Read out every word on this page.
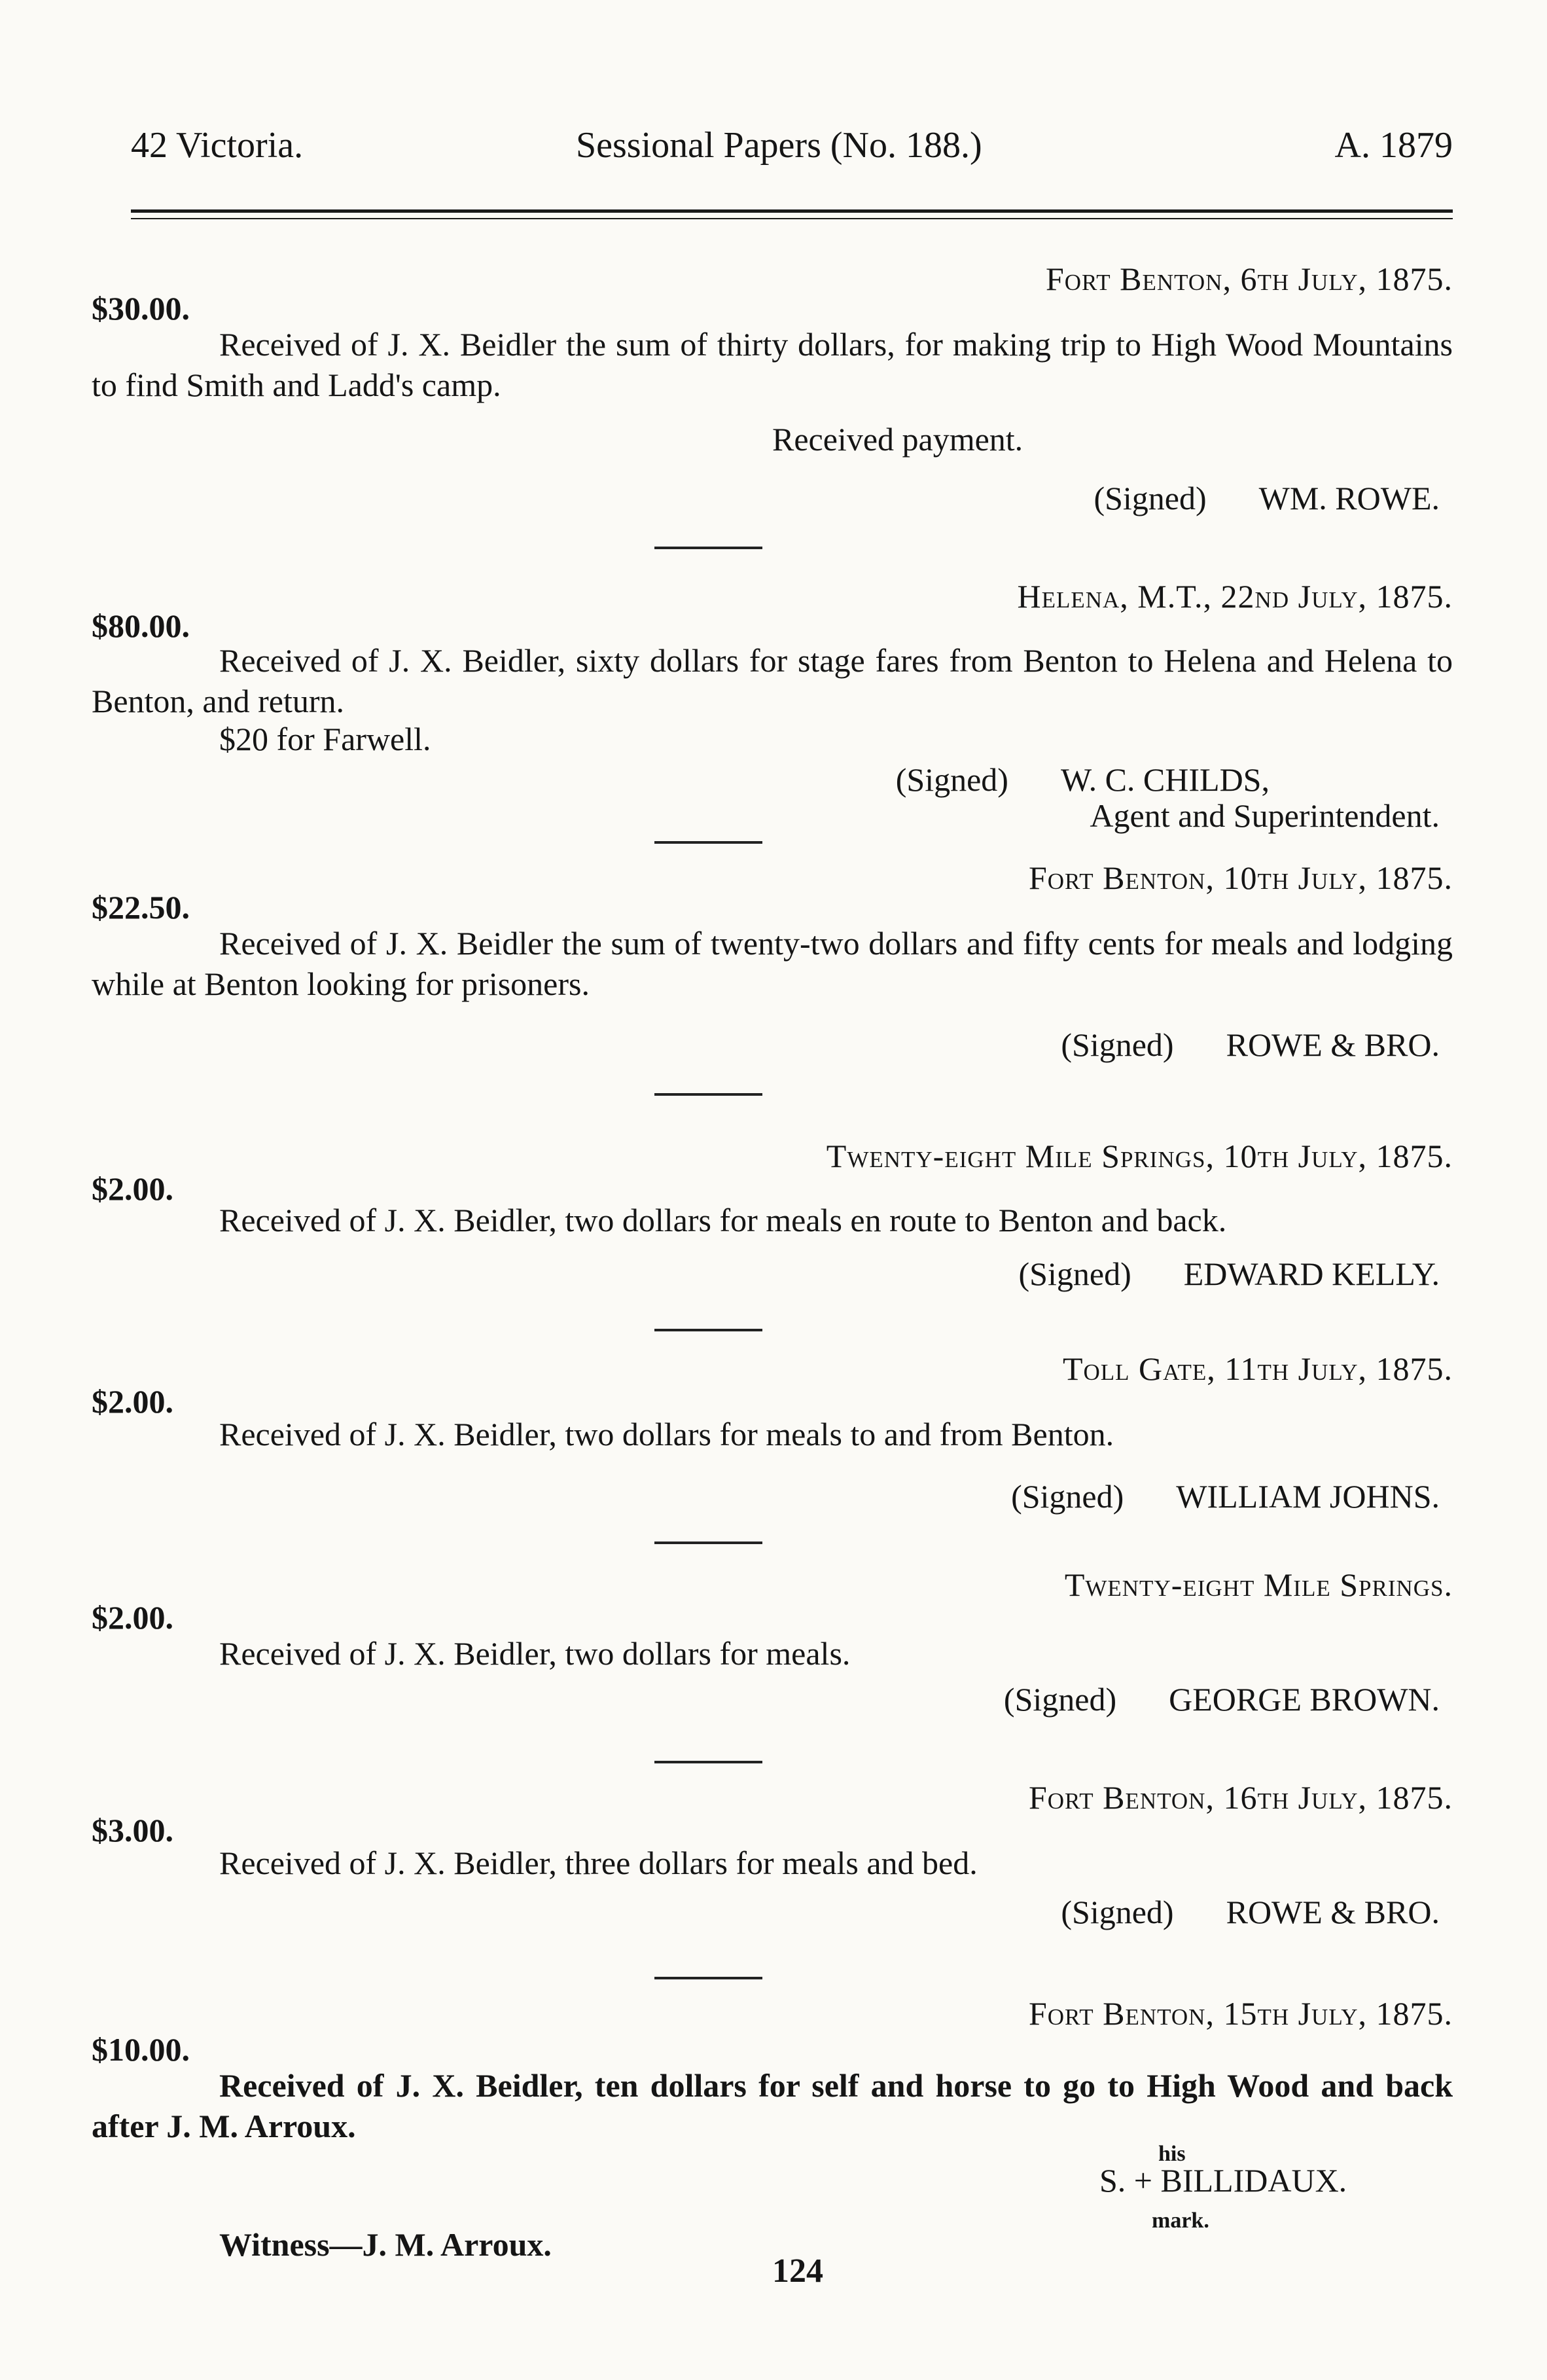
42 Victoria.	Sessional Papers (No. 188.)	A. 1879
Fort Benton, 6th July, 1875.
$30.00.
Received of J. X. Beidler the sum of thirty dollars, for making trip to High Wood Mountains to find Smith and Ladd's camp.
Received payment.
(Signed) WM. ROWE.
Helena, M.T., 22nd July, 1875.
$80.00.
Received of J. X. Beidler, sixty dollars for stage fares from Benton to Helena and Helena to Benton, and return.
$20 for Farwell.
(Signed) W. C. CHILDS,
Agent and Superintendent.
Fort Benton, 10th July, 1875.
$22.50.
Received of J. X. Beidler the sum of twenty-two dollars and fifty cents for meals and lodging while at Benton looking for prisoners.
(Signed) ROWE & BRO.
Twenty-eight Mile Springs, 10th July, 1875.
$2.00.
Received of J. X. Beidler, two dollars for meals en route to Benton and back.
(Signed) EDWARD KELLY.
Toll Gate, 11th July, 1875.
$2.00.
Received of J. X. Beidler, two dollars for meals to and from Benton.
(Signed) WILLIAM JOHNS.
Twenty-eight Mile Springs.
$2.00.
Received of J. X. Beidler, two dollars for meals.
(Signed) GEORGE BROWN.
Fort Benton, 16th July, 1875.
$3.00.
Received of J. X. Beidler, three dollars for meals and bed.
(Signed) ROWE & BRO.
Fort Benton, 15th July, 1875.
$10.00.
Received of J. X. Beidler, ten dollars for self and horse to go to High Wood and back after J. M. Arroux.
his
S. + BILLIDAUX.
mark.
Witness—J. M. Arroux.
124
